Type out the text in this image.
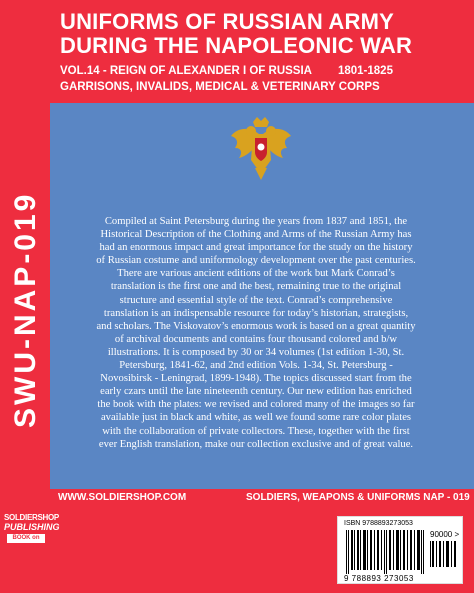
UNIFORMS OF RUSSIAN ARMY
DURING THE NAPOLEONIC WAR
VOL.14 - REIGN OF ALEXANDER I OF RUSSIA 1801-1825
GARRISONS, INVALIDS, MEDICAL & VETERINARY CORPS
SWU-NAP-019	Compiled at Saint Petersburg during the years from 1837 and 1851, the Historical Description of the Clothing and Arms of the Russian Army has had an enormous impact and great importance for the study on the history of Russian costume and uniformology development over the past centuries. There are various ancient editions of the work but Mark Conrad’s translation is the first one and the best, remaining true to the original structure and essential style of the text. Conrad’s comprehensive translation is an indispensable resource for today’s historian, strategists, and scholars. The Viskovatov’s enormous work is based on a great quantity of archival documents and contains four thousand colored and b/w illustrations. It is composed by 30 or 34 volumes (1st edition 1-30, St. Petersburg, 1841-62, and 2nd edition Vols. 1-34, St. Petersburg - Novosibirsk - Leningrad, 1899-1948). The topics discussed start from the early czars until the late nineteenth century. Our new edition has enriched the book with the plates: we revised and colored many of the images so far available just in black and white, as well we found some rare color plates with the collaboration of private collectors. These, together with the first ever English translation, make our collection exclusive and of great value.
WWW.SOLDIERSHOP.COM	SOLDIERS, WEAPONS & UNIFORMS NAP - 019
SOLDIERSHOP
PUBLISHING
BOOK on DEMAND
ISBN 9788893273053
90000 >
9 788893 273053
